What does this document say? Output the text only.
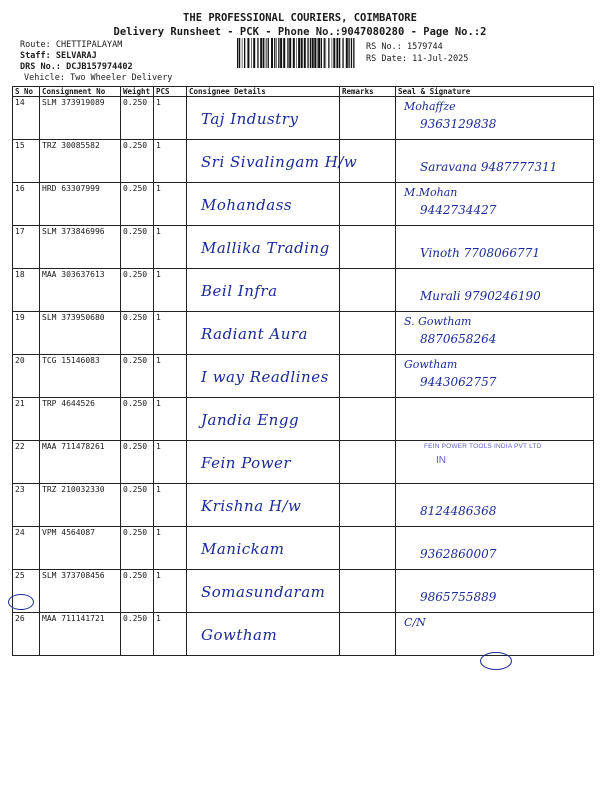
THE PROFESSIONAL COURIERS, COIMBATORE
Delivery Runsheet - PCK - Phone No.:9047080280 - Page No.:2
Route: CHETTIPALAYAM
Staff: SELVARAJ
DRS No.: DCJB157974402
Vehicle: Two Wheeler Delivery
RS No.: 1579744
RS Date: 11-Jul-2025
S No	Consignment No	Weight	PCS	Consignee Details	Remarks	Seal & Signature
14	SLM 373919089	0.250	1	Taj Industry		Mohaffze
9363129838

15	TRZ 30085582	0.250	1	Sri Sivalingam H/w		Saravana 9487777311

16	HRD 63307999	0.250	1	Mohandass		M.Mohan
9442734427

17	SLM 373846996	0.250	1	Mallika Trading		Vinoth 7708066771

18	MAA 303637613	0.250	1	Beil Infra		Murali 9790246190

19	SLM 373950680	0.250	1	Radiant Aura		S. Gowtham
8870658264

20	TCG 15146083	0.250	1	I way Readlines		Gowtham
9443062757

21	TRP 4644526	0.250	1	Jandia Engg		

22	MAA 711478261	0.250	1	Fein Power		FEIN POWER TOOLS INDIA PVT LTD
IN

23	TRZ 210032330	0.250	1	Krishna H/w		8124486368

24	VPM 4564087	0.250	1	Manickam		9362860007

25	SLM 373708456	0.250	1	Somasundaram		9865755889

26	MAA 711141721	0.250	1	Gowtham		C/N
